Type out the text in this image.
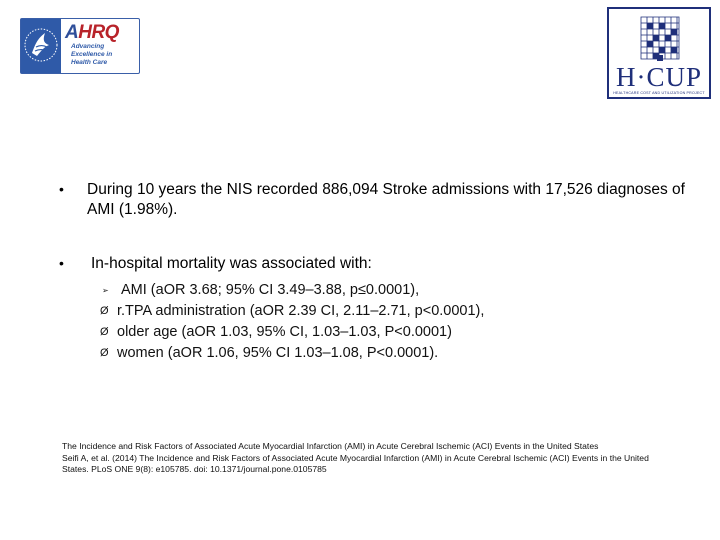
AHRQ
Advancing
Excellence in
Health Care	H·CUP
HEALTHCARE COST AND UTILIZATION PROJECT
• During 10 years the NIS recorded 886,094 Stroke admissions with 17,526 diagnoses of AMI (1.98%).
• In-hospital mortality was associated with:
➢ AMI (aOR 3.68; 95% CI 3.49–3.88, p≤0.0001),
Ø r.TPA administration (aOR 2.39 CI, 2.11–2.71, p<0.0001),
Ø older age (aOR 1.03, 95% CI, 1.03–1.03, P<0.0001)
Ø women (aOR 1.06, 95% CI 1.03–1.08, P<0.0001).
The Incidence and Risk Factors of Associated Acute Myocardial Infarction (AMI) in Acute Cerebral Ischemic (ACI) Events in the United States
Seifi A, et al. (2014) The Incidence and Risk Factors of Associated Acute Myocardial Infarction (AMI) in Acute Cerebral Ischemic (ACI) Events in the United States. PLoS ONE 9(8): e105785. doi: 10.1371/journal.pone.0105785
